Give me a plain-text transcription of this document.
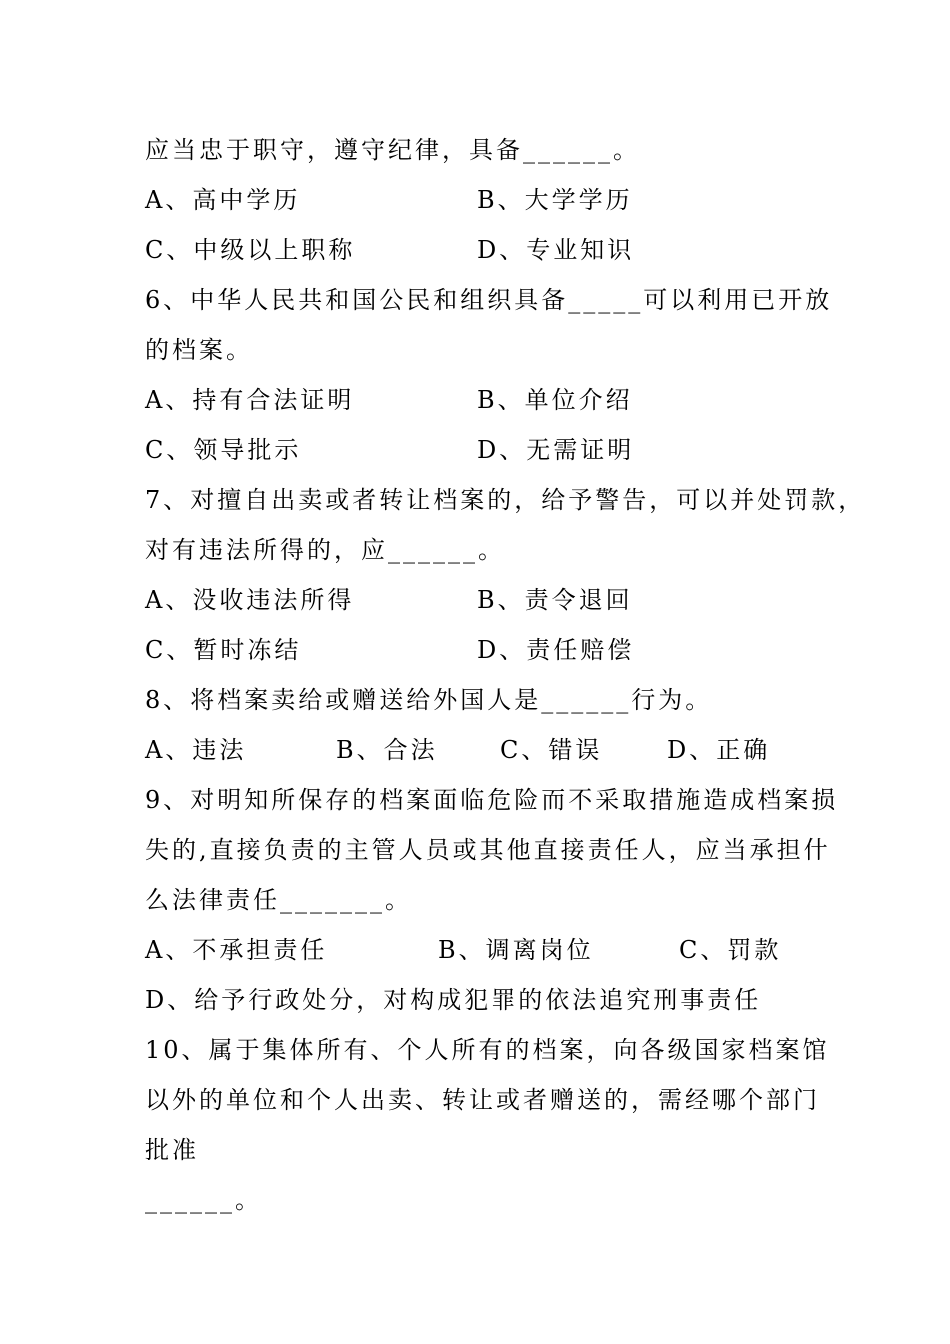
应当忠于职守，遵守纪律，具备______。
A、高中学历	B、大学学历
C、中级以上职称	D、专业知识
6、中华人民共和国公民和组织具备_____可以利用已开放
的档案。
A、持有合法证明	B、单位介绍
C、领导批示	D、无需证明
7、对擅自出卖或者转让档案的，给予警告，可以并处罚款，
对有违法所得的，应______。
A、没收违法所得	B、责令退回
C、暂时冻结	D、责任赔偿
8、将档案卖给或赠送给外国人是______行为。
A、违法	B、合法	C、错误	D、正确
9、对明知所保存的档案面临危险而不采取措施造成档案损
失的,直接负责的主管人员或其他直接责任人，应当承担什
么法律责任_______。
A、不承担责任	B、调离岗位	C、罚款
D、给予行政处分，对构成犯罪的依法追究刑事责任
10、属于集体所有、个人所有的档案，向各级国家档案馆
以外的单位和个人出卖、转让或者赠送的，需经哪个部门
批准
______。
